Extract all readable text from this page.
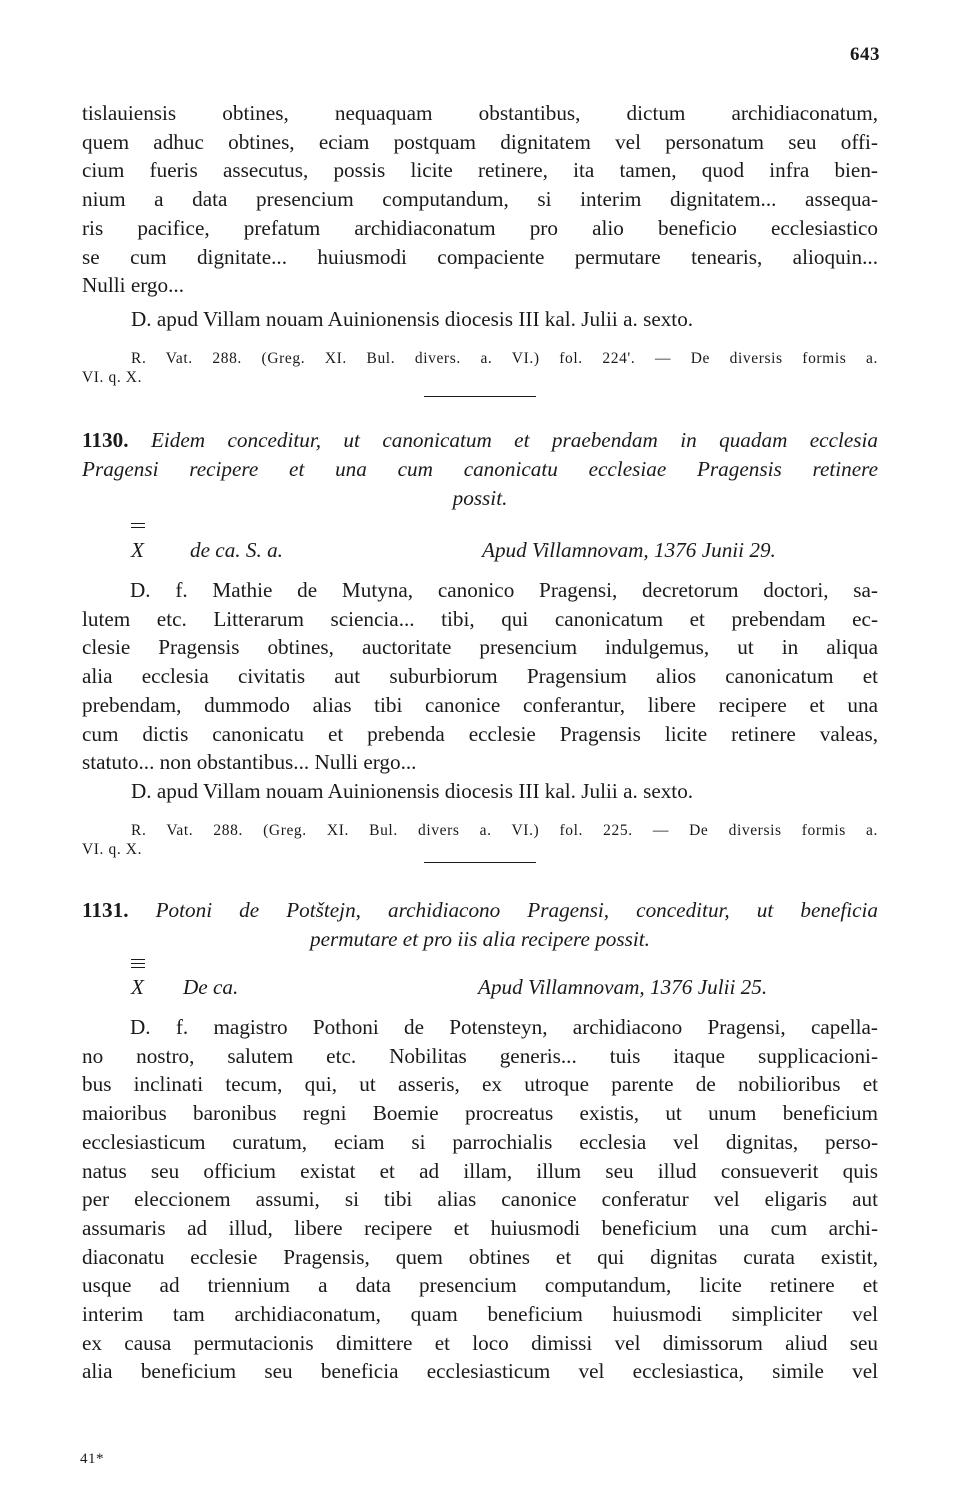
643
tislauiensis obtines, nequaquam obstantibus, dictum archidiaconatum,
quem adhuc obtines, eciam postquam dignitatem vel personatum seu offi-
cium fueris assecutus, possis licite retinere, ita tamen, quod infra bien-
nium a data presencium computandum, si interim dignitatem... assequa-
ris pacifice, prefatum archidiaconatum pro alio beneficio ecclesiastico
se cum dignitate... huiusmodi compaciente permutare tenearis, alioquin...
Nulli ergo...
D. apud Villam nouam Auinionensis diocesis III kal. Julii a. sexto.
R. Vat. 288. (Greg. XI. Bul. divers. a. VI.) fol. 224'. — De diversis formis a.
VI. q. X.
1130. Eidem conceditur, ut canonicatum et praebendam in quadam ecclesia
Pragensi recipere et una cum canonicatu ecclesiae Pragensis retinere
possit.
X de ca. S. a.	Apud Villamnovam, 1376 Junii 29.
D. f. Mathie de Mutyna, canonico Pragensi, decretorum doctori, sa-
lutem etc. Litterarum sciencia... tibi, qui canonicatum et prebendam ec-
clesie Pragensis obtines, auctoritate presencium indulgemus, ut in aliqua
alia ecclesia civitatis aut suburbiorum Pragensium alios canonicatum et
prebendam, dummodo alias tibi canonice conferantur, libere recipere et una
cum dictis canonicatu et prebenda ecclesie Pragensis licite retinere valeas,
statuto... non obstantibus... Nulli ergo...
D. apud Villam nouam Auinionensis diocesis III kal. Julii a. sexto.
R. Vat. 288. (Greg. XI. Bul. divers a. VI.) fol. 225. — De diversis formis a.
VI. q. X.
1131. Potoni de Potštejn, archidiacono Pragensi, conceditur, ut beneficia
permutare et pro iis alia recipere possit.
X De ca.	Apud Villamnovam, 1376 Julii 25.
D. f. magistro Pothoni de Potensteyn, archidiacono Pragensi, capella-
no nostro, salutem etc. Nobilitas generis... tuis itaque supplicacioni-
bus inclinati tecum, qui, ut asseris, ex utroque parente de nobilioribus et
maioribus baronibus regni Boemie procreatus existis, ut unum beneficium
ecclesiasticum curatum, eciam si parrochialis ecclesia vel dignitas, perso-
natus seu officium existat et ad illam, illum seu illud consueverit quis
per eleccionem assumi, si tibi alias canonice conferatur vel eligaris aut
assumaris ad illud, libere recipere et huiusmodi beneficium una cum archi-
diaconatu ecclesie Pragensis, quem obtines et qui dignitas curata existit,
usque ad triennium a data presencium computandum, licite retinere et
interim tam archidiaconatum, quam beneficium huiusmodi simpliciter vel
ex causa permutacionis dimittere et loco dimissi vel dimissorum aliud seu
alia beneficium seu beneficia ecclesiasticum vel ecclesiastica, simile vel
41*
